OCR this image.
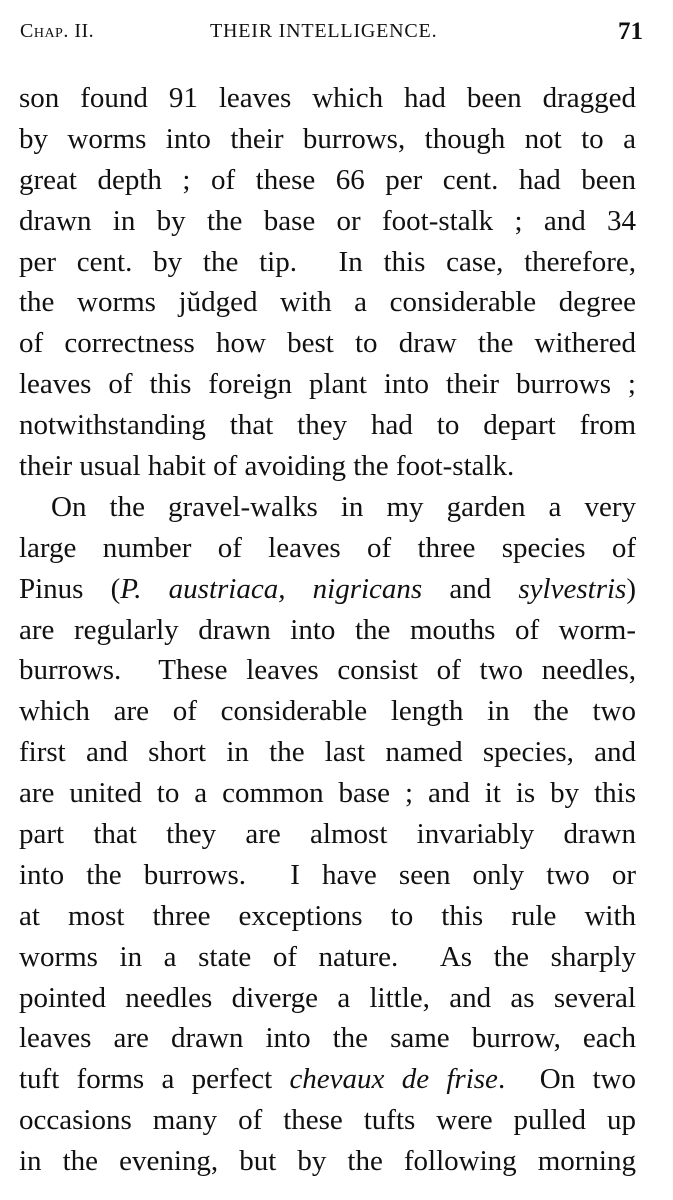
Chap. II.	THEIR INTELLIGENCE.	71
son found 91 leaves which had been dragged
by worms into their burrows, though not to a
great depth ; of these 66 per cent. had been
drawn in by the base or foot-stalk ; and 34
per cent. by the tip.  In this case, therefore,
the worms jŭdged with a considerable degree
of correctness how best to draw the withered
leaves of this foreign plant into their burrows ;
notwithstanding that they had to depart from
their usual habit of avoiding the foot-stalk.
On the gravel-walks in my garden a very
large number of leaves of three species of
Pinus (P. austriaca, nigricans and sylvestris)
are regularly drawn into the mouths of worm-
burrows.  These leaves consist of two needles,
which are of considerable length in the two
first and short in the last named species, and
are united to a common base ; and it is by this
part that they are almost invariably drawn
into the burrows.  I have seen only two or
at most three exceptions to this rule with
worms in a state of nature.  As the sharply
pointed needles diverge a little, and as several
leaves are drawn into the same burrow, each
tuft forms a perfect chevaux de frise.  On two
occasions many of these tufts were pulled up
in the evening, but by the following morning
